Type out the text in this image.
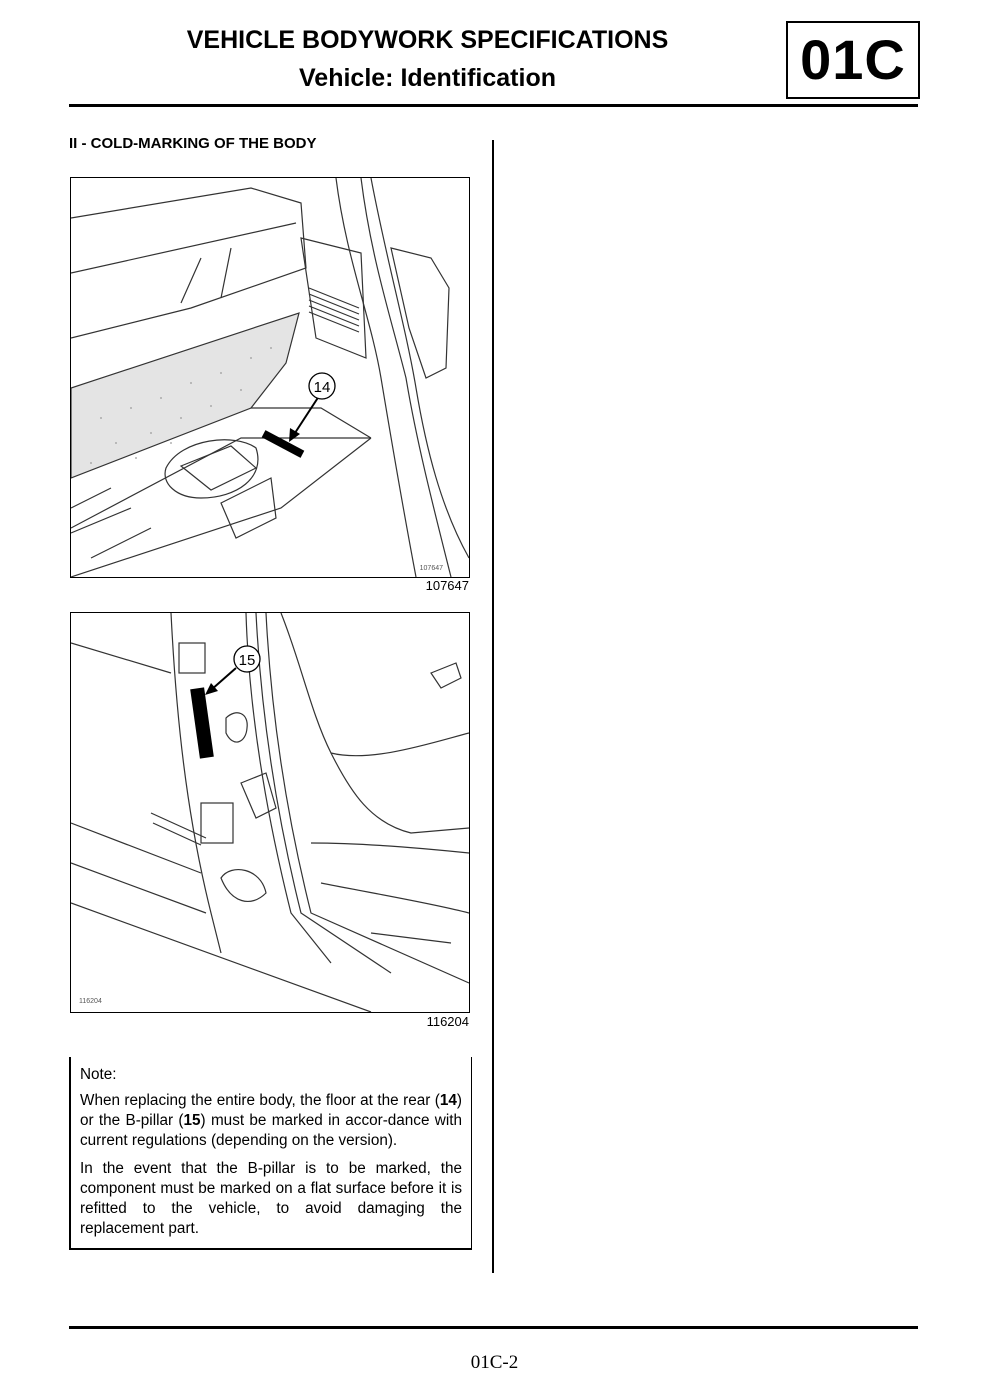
VEHICLE BODYWORK SPECIFICATIONS
Vehicle: Identification	01C
II - COLD-MARKING OF THE BODY
14
107647
107647
15
116204
116204

Note:

When replacing the entire body, the floor at the rear (14) or the B-pillar (15) must be marked in accor-dance with current regulations (depending on the version).

In the event that the B-pillar is to be marked, the component must be marked on a flat surface before it is refitted to the vehicle, to avoid damaging the replacement part.

01C-2
